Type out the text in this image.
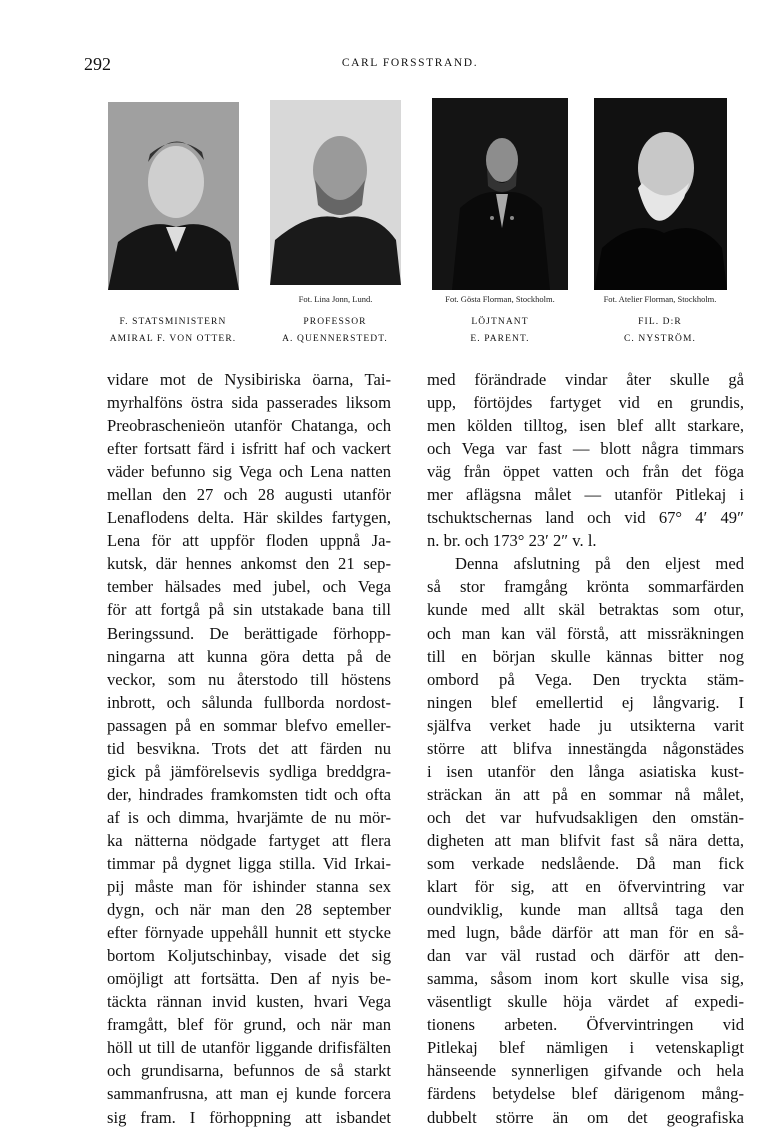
292	CARL FORSSTRAND.
Fot. Lina Jonn, Lund.	Fot. Gösta Florman, Stockholm.	Fot. Atelier Florman, Stockholm.
F. STATSMINISTERN
AMIRAL F. VON OTTER.
PROFESSOR
A. QUENNERSTEDT.
LÖJTNANT
E. PARENT.
FIL. D:R
C. NYSTRÖM.
vidare mot de Nysibiriska öarna, Tai-
myrhalföns östra sida passerades liksom
Preobraschenieön utanför Chatanga, och
efter fortsatt färd i isfritt haf och vackert
väder befunno sig Vega och Lena natten
mellan den 27 och 28 augusti utanför
Lenaflodens delta. Här skildes fartygen,
Lena för att uppför floden uppnå Ja-
kutsk, där hennes ankomst den 21 sep-
tember hälsades med jubel, och Vega
för att fortgå på sin utstakade bana till
Beringssund. De berättigade förhopp-
ningarna att kunna göra detta på de
veckor, som nu återstodo till höstens
inbrott, och sålunda fullborda nordost-
passagen på en sommar blefvo emeller-
tid besvikna. Trots det att färden nu
gick på jämförelsevis sydliga breddgra-
der, hindrades framkomsten tidt och ofta
af is och dimma, hvarjämte de nu mör-
ka nätterna nödgade fartyget att flera
timmar på dygnet ligga stilla. Vid Irkai-
pij måste man för ishinder stanna sex
dygn, och när man den 28 september
efter förnyade uppehåll hunnit ett stycke
bortom Koljutschinbay, visade det sig
omöjligt att fortsätta. Den af nyis be-
täckta rännan invid kusten, hvari Vega
framgått, blef för grund, och när man
höll ut till de utanför liggande drifisfälten
och grundisarna, befunnos de så starkt
sammanfrusna, att man ej kunde forcera
sig fram. I förhoppning att isbandet
med förändrade vindar åter skulle gå
upp, förtöjdes fartyget vid en grundis,
men kölden tilltog, isen blef allt starkare,
och Vega var fast — blott några timmars
väg från öppet vatten och från det föga
mer aflägsna målet — utanför Pitlekaj i
tschuktschernas land och vid 67° 4′ 49″
n. br. och 173° 23′ 2″ v. l.
Denna afslutning på den eljest med
så stor framgång krönta sommarfärden
kunde med allt skäl betraktas som otur,
och man kan väl förstå, att missräkningen
till en början skulle kännas bitter nog
ombord på Vega. Den tryckta stäm-
ningen blef emellertid ej långvarig. I
själfva verket hade ju utsikterna varit
större att blifva innestängda någonstädes
i isen utanför den långa asiatiska kust-
sträckan än att på en sommar nå målet,
och det var hufvudsakligen den omstän-
digheten att man blifvit fast så nära detta,
som verkade nedslående. Då man fick
klart för sig, att en öfvervintring var
oundviklig, kunde man alltså taga den
med lugn, både därför att man för en så-
dan var väl rustad och därför att den-
samma, såsom inom kort skulle visa sig,
väsentligt skulle höja värdet af expedi-
tionens arbeten. Öfvervintringen vid
Pitlekaj blef nämligen i vetenskapligt
hänseende synnerligen gifvande och hela
färdens betydelse blef därigenom mång-
dubbelt större än om det geografiska
